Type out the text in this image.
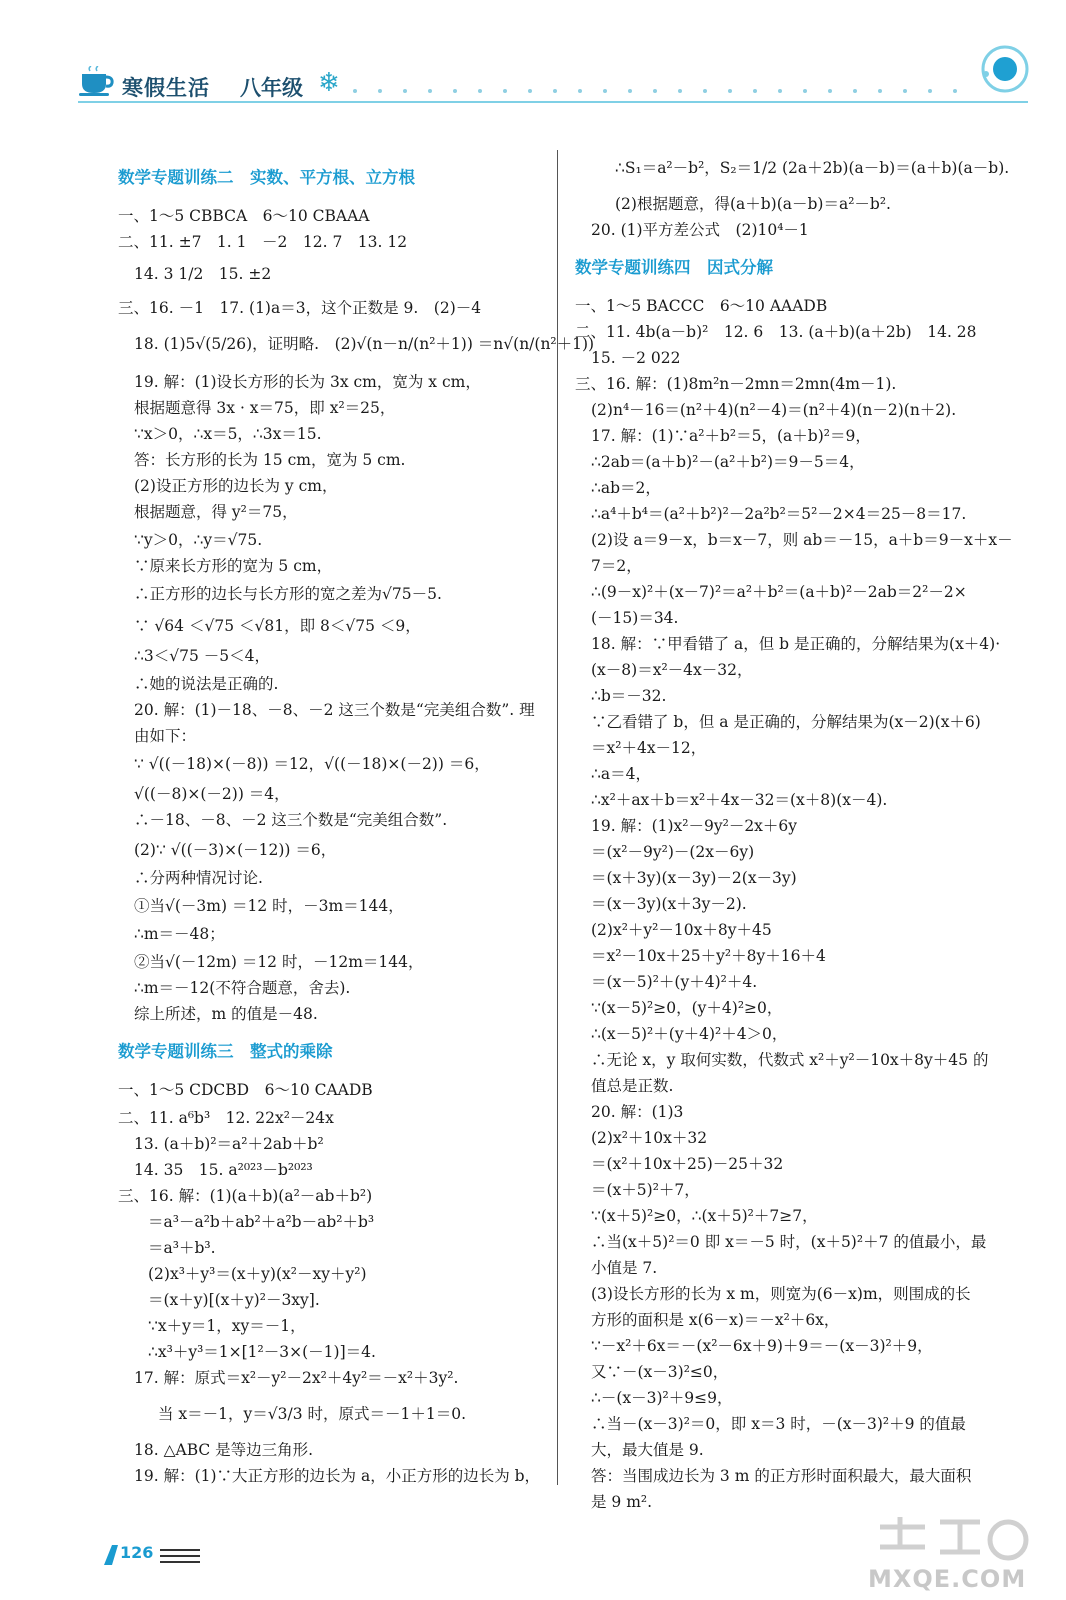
寒假生活 八年级 ❄
数学专题训练二　实数、平方根、立方根
一、1～5 CBBCA　6～10 CBAAA
二、11. ±7　1. 1　－2　12. 7　13. 12
14. 3 1/2　15. ±2
三、16. －1　17. (1)a＝3，这个正数是 9.　(2)－4
18. (1)5√(5/26)，证明略.　(2)√(n－n/(n²＋1)) ＝n√(n/(n²＋1))
19. 解：(1)设长方形的长为 3x cm，宽为 x cm，
根据题意得 3x · x＝75，即 x²＝25，
∵x＞0，∴x＝5，∴3x＝15.
答：长方形的长为 15 cm，宽为 5 cm.
(2)设正方形的边长为 y cm，
根据题意，得 y²＝75，
∵y＞0，∴y＝√75.
∵原来长方形的宽为 5 cm，
∴正方形的边长与长方形的宽之差为√75－5.
∵ √64 ＜√75 ＜√81，即 8＜√75 ＜9，
∴3＜√75 －5＜4，
∴她的说法是正确的.
20. 解：(1)－18、－8、－2 这三个数是“完美组合数”. 理
由如下：
∵ √((－18)×(－8)) ＝12，√((－18)×(－2)) ＝6，
√((－8)×(－2)) ＝4，
∴－18、－8、－2 这三个数是“完美组合数”.
(2)∵ √((－3)×(－12)) ＝6，
∴分两种情况讨论.
①当√(－3m) ＝12 时，－3m＝144，
∴m＝－48；
②当√(－12m) ＝12 时，－12m＝144，
∴m＝－12(不符合题意，舍去).
综上所述，m 的值是－48.
数学专题训练三　整式的乘除
一、1～5 CDCBD　6～10 CAADB
二、11. a⁶b³　12. 22x²－24x
13. (a＋b)²＝a²＋2ab＋b²
14. 35　15. a²⁰²³－b²⁰²³
三、16. 解：(1)(a＋b)(a²－ab＋b²)
＝a³－a²b＋ab²＋a²b－ab²＋b³
＝a³＋b³.
(2)x³＋y³＝(x＋y)(x²－xy＋y²)
＝(x＋y)[(x＋y)²－3xy].
∵x＋y＝1，xy＝－1，
∴x³＋y³＝1×[1²－3×(－1)]＝4.
17. 解：原式＝x²－y²－2x²＋4y²＝－x²＋3y².
当 x＝－1，y＝√3/3 时，原式＝－1＋1＝0.
18. △ABC 是等边三角形.
19. 解：(1)∵大正方形的边长为 a，小正方形的边长为 b，
∴S₁＝a²－b²，S₂＝1/2 (2a＋2b)(a－b)＝(a＋b)(a－b).
(2)根据题意，得(a＋b)(a－b)＝a²－b².
20. (1)平方差公式　(2)10⁴－1
数学专题训练四　因式分解
一、1～5 BACCC　6～10 AAADB
二、11. 4b(a－b)²　12. 6　13. (a＋b)(a＋2b)　14. 28
15. －2 022
三、16. 解：(1)8m²n－2mn＝2mn(4m－1).
(2)n⁴－16＝(n²＋4)(n²－4)＝(n²＋4)(n－2)(n＋2).
17. 解：(1)∵a²＋b²＝5，(a＋b)²＝9，
∴2ab＝(a＋b)²－(a²＋b²)＝9－5＝4，
∴ab＝2，
∴a⁴＋b⁴＝(a²＋b²)²－2a²b²＝5²－2×4＝25－8＝17.
(2)设 a＝9－x，b＝x－7，则 ab＝－15，a＋b＝9－x＋x－
7＝2，
∴(9－x)²＋(x－7)²＝a²＋b²＝(a＋b)²－2ab＝2²－2×
(－15)＝34.
18. 解：∵甲看错了 a，但 b 是正确的，分解结果为(x＋4)·
(x－8)＝x²－4x－32，
∴b＝－32.
∵乙看错了 b，但 a 是正确的，分解结果为(x－2)(x＋6)
＝x²＋4x－12，
∴a＝4，
∴x²＋ax＋b＝x²＋4x－32＝(x＋8)(x－4).
19. 解：(1)x²－9y²－2x＋6y
＝(x²－9y²)－(2x－6y)
＝(x＋3y)(x－3y)－2(x－3y)
＝(x－3y)(x＋3y－2).
(2)x²＋y²－10x＋8y＋45
＝x²－10x＋25＋y²＋8y＋16＋4
＝(x－5)²＋(y＋4)²＋4.
∵(x－5)²≥0，(y＋4)²≥0，
∴(x－5)²＋(y＋4)²＋4＞0，
∴无论 x，y 取何实数，代数式 x²＋y²－10x＋8y＋45 的
值总是正数.
20. 解：(1)3
(2)x²＋10x＋32
＝(x²＋10x＋25)－25＋32
＝(x＋5)²＋7，
∵(x＋5)²≥0，∴(x＋5)²＋7≥7，
∴当(x＋5)²＝0 即 x＝－5 时，(x＋5)²＋7 的值最小，最
小值是 7.
(3)设长方形的长为 x m，则宽为(6－x)m，则围成的长
方形的面积是 x(6－x)＝－x²＋6x，
∵－x²＋6x＝－(x²－6x＋9)＋9＝－(x－3)²＋9，
又∵－(x－3)²≤0，
∴－(x－3)²＋9≤9，
∴当－(x－3)²＝0，即 x＝3 时，－(x－3)²＋9 的值最
大，最大值是 9.
答：当围成边长为 3 m 的正方形时面积最大，最大面积
是 9 m².
126
MXQE.COM
